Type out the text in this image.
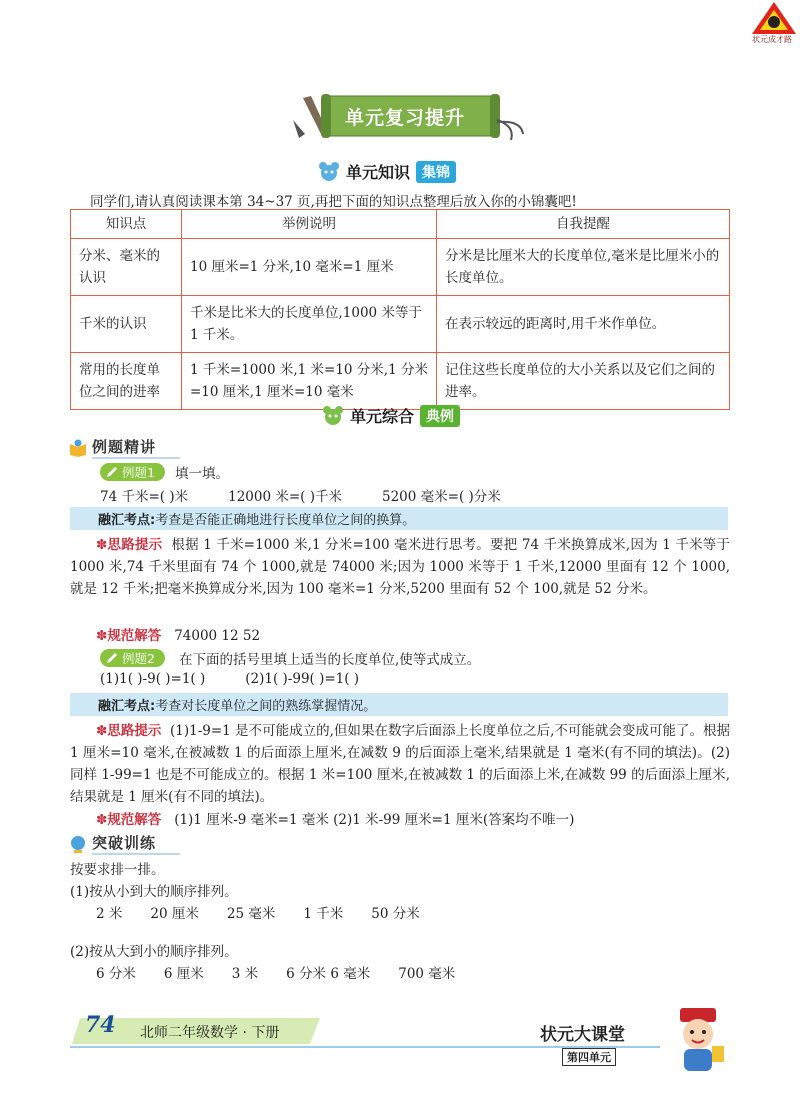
状元成才路
单元复习提升
单元知识 集锦
同学们,请认真阅读课本第 34~37 页,再把下面的知识点整理后放入你的小锦囊吧!
知识点	举例说明	自我提醒
分米、毫米的认识	10 厘米=1 分米,10 毫米=1 厘米	分米是比厘米大的长度单位,毫米是比厘米小的长度单位。
千米的认识	千米是比米大的长度单位,1000 米等于 1 千米。	在表示较远的距离时,用千米作单位。
常用的长度单位之间的进率	1 千米=1000 米,1 米=10 分米,1 分米=10 厘米,1 厘米=10 毫米	记住这些长度单位的大小关系以及它们之间的进率。
单元综合 典例
例题精讲
例题1 填一填。
74 千米=( )米	12000 米=( )千米	5200 毫米=( )分米
融汇考点:考查是否能正确地进行长度单位之间的换算。
✽思路提示 根据 1 千米=1000 米,1 分米=100 毫米进行思考。要把 74 千米换算成米,因为 1 千米等于 1000 米,74 千米里面有 74 个 1000,就是 74000 米;因为 1000 米等于 1 千米,12000 里面有 12 个 1000,就是 12 千米;把毫米换算成分米,因为 100 毫米=1 分米,5200 里面有 52 个 100,就是 52 分米。
✽规范解答 74000 12 52
例题2 在下面的括号里填上适当的长度单位,使等式成立。
(1)1( )-9( )=1( )	(2)1( )-99( )=1( )
融汇考点:考查对长度单位之间的熟练掌握情况。
✽思路提示 (1)1-9=1 是不可能成立的,但如果在数字后面添上长度单位之后,不可能就会变成可能了。根据 1 厘米=10 毫米,在被减数 1 的后面添上厘米,在减数 9 的后面添上毫米,结果就是 1 毫米(有不同的填法)。(2)同样 1-99=1 也是不可能成立的。根据 1 米=100 厘米,在被减数 1 的后面添上米,在减数 99 的后面添上厘米,结果就是 1 厘米(有不同的填法)。
✽规范解答 (1)1 厘米-9 毫米=1 毫米 (2)1 米-99 厘米=1 厘米(答案均不唯一)
突破训练
按要求排一排。
(1)按从小到大的顺序排列。
2 米 20 厘米 25 毫米 1 千米 50 分米
(2)按从大到小的顺序排列。
6 分米 6 厘米 3 米 6 分米 6 毫米 700 毫米
74 北师二年级数学 · 下册	状元大课堂
第四单元
